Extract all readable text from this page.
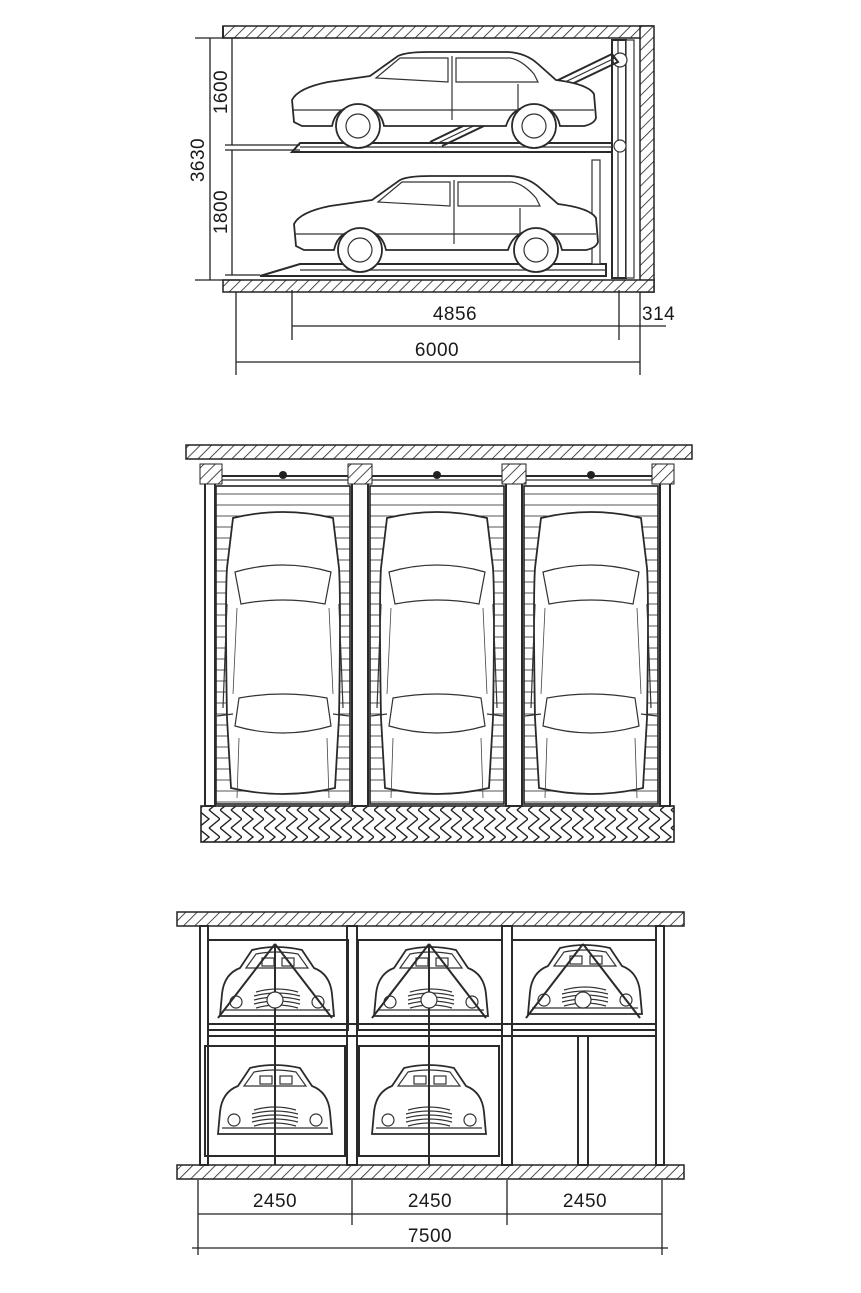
3630
1600
1800
4856	314
6000
2450	2450	2450
7500
